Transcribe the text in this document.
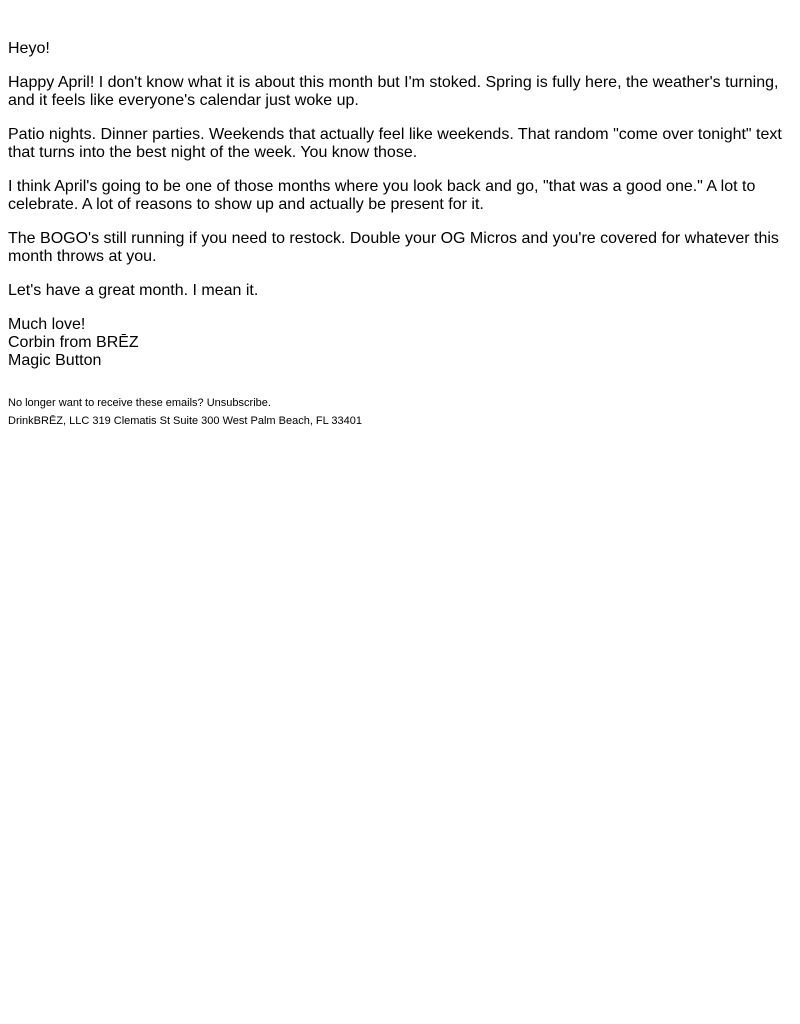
Heyo!

Happy April! I don't know what it is about this month but I'm stoked. Spring is fully here, the weather's turning, and it feels like everyone's calendar just woke up.

Patio nights. Dinner parties. Weekends that actually feel like weekends. That random "come over tonight" text that turns into the best night of the week. You know those.

I think April's going to be one of those months where you look back and go, "that was a good one." A lot to celebrate. A lot of reasons to show up and actually be present for it.

The BOGO's still running if you need to restock. Double your OG Micros and you're covered for whatever this month throws at you.

Let's have a great month. I mean it.

Much love!
Corbin from BRĒZ
Magic Button
No longer want to receive these emails? Unsubscribe.
DrinkBRĒZ, LLC 319 Clematis St Suite 300 West Palm Beach, FL 33401
